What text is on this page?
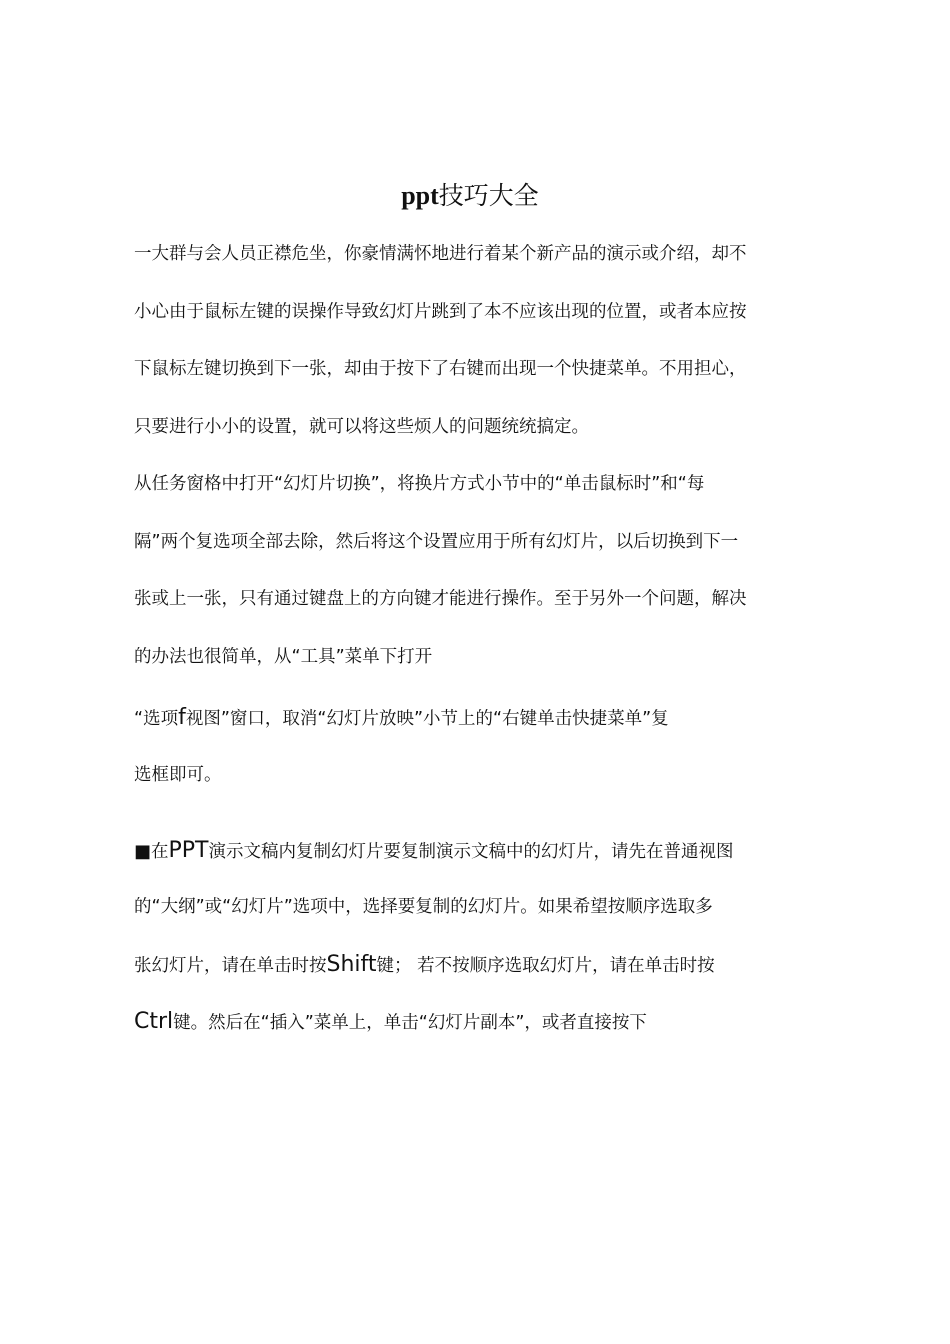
ppt技巧大全
一大群与会人员正襟危坐，你豪情满怀地进行着某个新产品的演示或介绍，却不
小心由于鼠标左键的误操作导致幻灯片跳到了本不应该出现的位置，或者本应按
下鼠标左键切换到下一张，却由于按下了右键而出现一个快捷菜单。不用担心，
只要进行小小的设置，就可以将这些烦人的问题统统搞定。
从任务窗格中打开“幻灯片切换”，将换片方式小节中的“单击鼠标时”和“每
隔”两个复选项全部去除，然后将这个设置应用于所有幻灯片，以后切换到下一
张或上一张，只有通过键盘上的方向键才能进行操作。至于另外一个问题，解决
的办法也很简单，从“工具”菜单下打开
“选项f视图”窗口，取消“幻灯片放映”小节上的“右键单击快捷菜单”复
选框即可。
■在PPT演示文稿内复制幻灯片要复制演示文稿中的幻灯片，请先在普通视图
的“大纲”或“幻灯片”选项中，选择要复制的幻灯片。如果希望按顺序选取多
张幻灯片，请在单击时按Shift键； 若不按顺序选取幻灯片，请在单击时按
Ctrl键。然后在“插入”菜单上，单击“幻灯片副本”，或者直接按下
